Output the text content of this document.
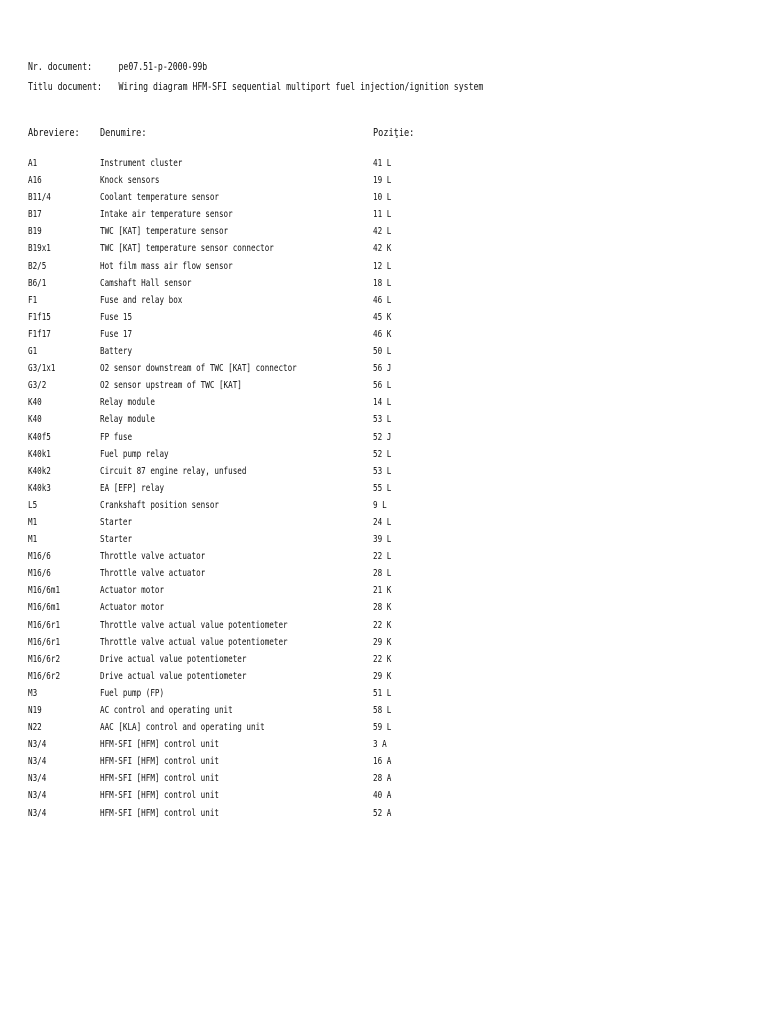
Nr. document:	pe07.51-p-2000-99b
Titlu document: Wiring diagram HFM-SFI sequential multiport fuel injection/ignition system
Abreviere: Denumire:	Poziţie:
A1	Instrument cluster	41 L
A16	Knock sensors	19 L
B11/4	Coolant temperature sensor	10 L
B17	Intake air temperature sensor	11 L
B19	TWC [KAT] temperature sensor	42 L
B19x1	TWC [KAT] temperature sensor connector	42 K
B2/5	Hot film mass air flow sensor	12 L
B6/1	Camshaft Hall sensor	18 L
F1	Fuse and relay box	46 L
F1f15	Fuse 15	45 K
F1f17	Fuse 17	46 K
G1	Battery	50 L
G3/1x1	O2 sensor downstream of TWC [KAT] connector	56 J
G3/2	O2 sensor upstream of TWC [KAT]	56 L
K40	Relay module	14 L
K40	Relay module	53 L
K40f5	FP fuse	52 J
K40k1	Fuel pump relay	52 L
K40k2	Circuit 87 engine relay, unfused	53 L
K40k3	EA [EFP] relay	55 L
L5	Crankshaft position sensor	9 L
M1	Starter	24 L
M1	Starter	39 L
M16/6	Throttle valve actuator	22 L
M16/6	Throttle valve actuator	28 L
M16/6m1	Actuator motor	21 K
M16/6m1	Actuator motor	28 K
M16/6r1	Throttle valve actual value potentiometer	22 K
M16/6r1	Throttle valve actual value potentiometer	29 K
M16/6r2	Drive actual value potentiometer	22 K
M16/6r2	Drive actual value potentiometer	29 K
M3	Fuel pump (FP)	51 L
N19	AC control and operating unit	58 L
N22	AAC [KLA] control and operating unit	59 L
N3/4	HFM-SFI [HFM] control unit	3 A
N3/4	HFM-SFI [HFM] control unit	16 A
N3/4	HFM-SFI [HFM] control unit	28 A
N3/4	HFM-SFI [HFM] control unit	40 A
N3/4	HFM-SFI [HFM] control unit	52 A
